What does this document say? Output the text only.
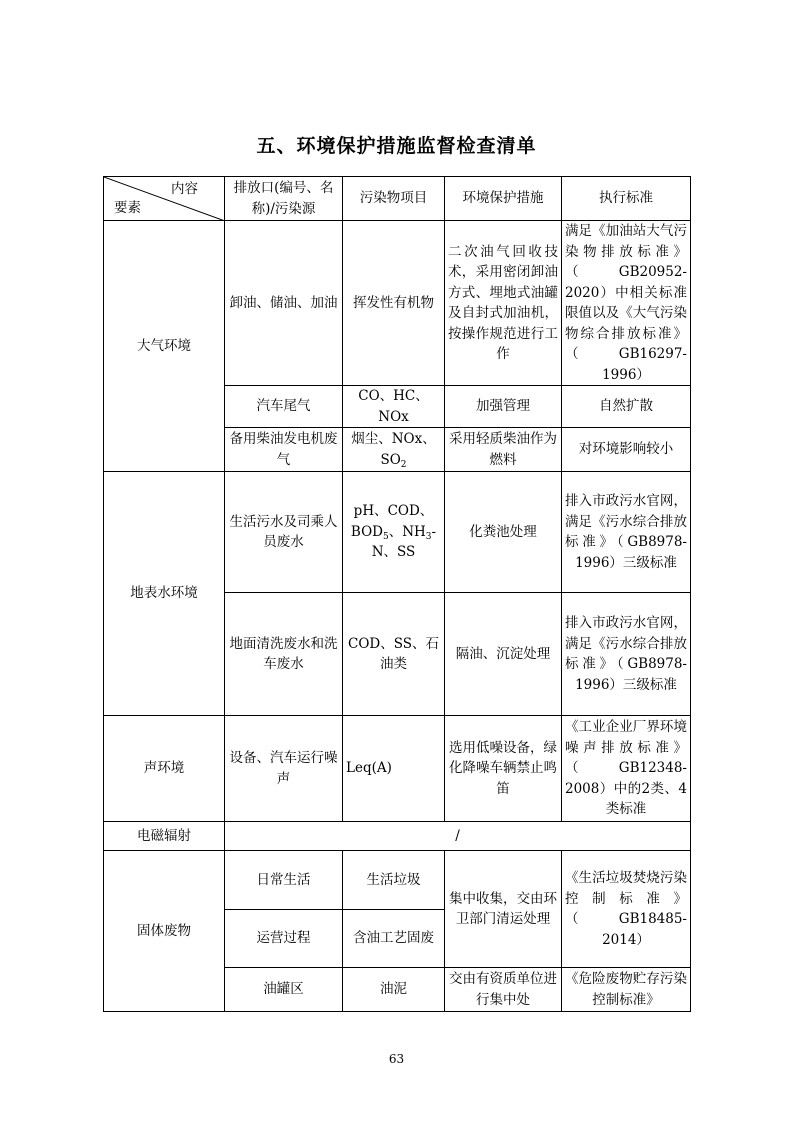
五、环境保护措施监督检查清单
内容
要素	排放口(编号、名称)/污染源	污染物项目	环境保护措施	执行标准
大气环境	卸油、储油、加油	挥发性有机物	二次油气回收技术，采用密闭卸油方式、埋地式油罐及自封式加油机，按操作规范进行工作	满足《加油站大气污染物排放标准》（GB20952-2020）中相关标准限值以及《大气污染物综合排放标准》（GB16297-1996）
	汽车尾气	CO、HC、NOx	加强管理	自然扩散
	备用柴油发电机废气	烟尘、NOx、$SO_2$	采用轻质柴油作为燃料	对环境影响较小
地表水环境	生活污水及司乘人员废水	pH、COD、$BOD_5$、$NH_3-N$、SS	化粪池处理	排入市政污水官网，满足《污水综合排放标准》（GB8978-1996）三级标准
	地面清洗废水和洗车废水	COD、SS、石油类	隔油、沉淀处理	排入市政污水官网，满足《污水综合排放标准》（GB8978-1996）三级标准
声环境	设备、汽车运行噪声	Leq(A)	选用低噪设备，绿化降噪车辆禁止鸣笛	《工业企业厂界环境噪声排放标准》（GB12348-2008）中的2类、4类标准
电磁辐射	/			
固体废物	日常生活	生活垃圾	集中收集，交由环卫部门清运处理	《生活垃圾焚烧污染控制标准》（GB18485-2014）
	运营过程	含油工艺固废		
	油罐区	油泥	交由有资质单位进行集中处	《危险废物贮存污染控制标准》
63
